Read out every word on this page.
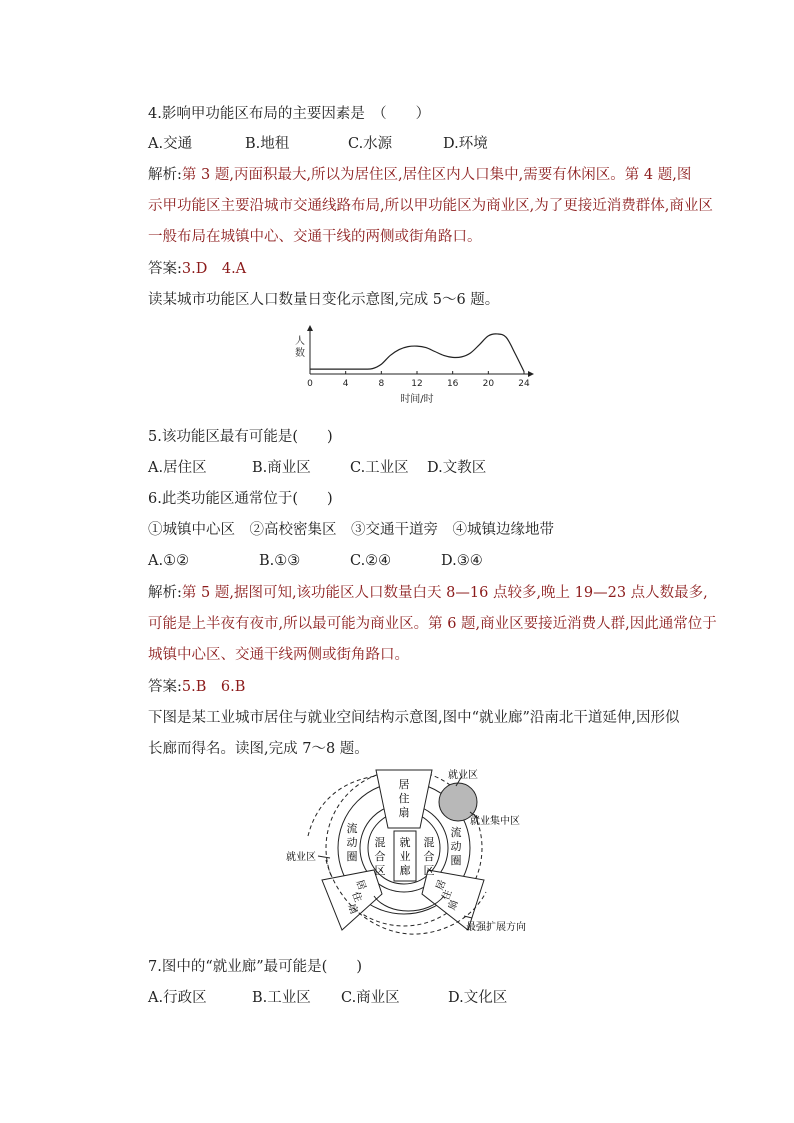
4.影响甲功能区布局的主要因素是　（　　）
A.交通	B.地租	C.水源	D.环境
解析:第 3 题,丙面积最大,所以为居住区,居住区内人口集中,需要有休闲区。第 4 题,图
示甲功能区主要沿城市交通线路布局,所以甲功能区为商业区,为了更接近消费群体,商业区
一般布局在城镇中心、交通干线的两侧或街角路口。
答案:3.D　4.A
读某城市功能区人口数量日变化示意图,完成 5～6 题。
0	4	8	12	16	20	24
人
数
时间/时
5.该功能区最有可能是(　　)
A.居住区	B.商业区	C.工业区 D.文教区
6.此类功能区通常位于(　　)
①城镇中心区　②高校密集区　③交通干道旁　④城镇边缘地带
A.①②	B.①③	C.②④	D.③④
解析:第 5 题,据图可知,该功能区人口数量白天 8—16 点较多,晚上 19—23 点人数最多,
可能是上半夜有夜市,所以最可能为商业区。第 6 题,商业区要接近消费人群,因此通常位于
城镇中心区、交通干线两侧或街角路口。
答案:5.B　6.B
下图是某工业城市居住与就业空间结构示意图,图中“就业廊”沿南北干道延伸,因形似
长廊而得名。读图,完成 7～8 题。
居
住
扇
流
动
圈
混
合
区
就
业
廊
混
合
区
流
动
圈
居
住
扇
居
住
扇
就业区
就业集中区
就业区
最强扩展方向
7.图中的“就业廊”最可能是(　　)
A.行政区	B.工业区 C.商业区	D.文化区
